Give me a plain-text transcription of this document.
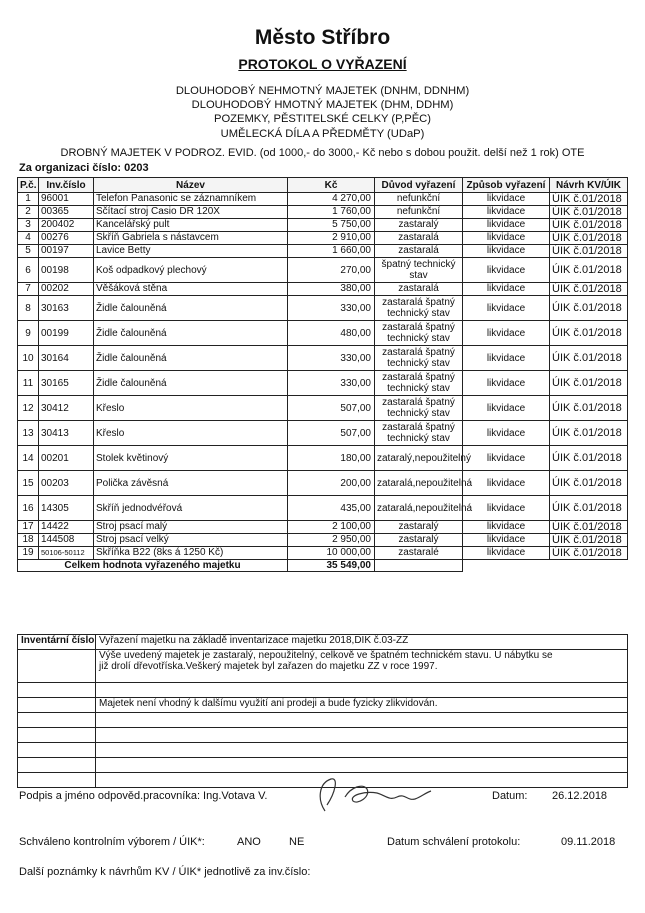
Město Stříbro
PROTOKOL O VYŘAZENÍ
DLOUHODOBÝ NEHMOTNÝ MAJETEK (DNHM, DDNHM)
DLOUHODOBÝ HMOTNÝ MAJETEK (DHM, DDHM)
POZEMKY, PĚSTITELSKÉ CELKY (P,PĚC)
UMĚLECKÁ DÍLA A PŘEDMĚTY (UDaP)
DROBNÝ MAJETEK V PODROZ. EVID. (od 1000,- do 3000,- Kč nebo s dobou použit. delší než 1 rok) OTE
Za organizaci číslo: 0203
P.č.	Inv.číslo	Název	Kč	Důvod vyřazení	Způsob vyřazení	Návrh KV/ÚIK
1	96001	Telefon Panasonic se záznamníkem	4 270,00	nefunkční	likvidace	ÚIK č.01/2018
2	00365	Sčítací stroj Casio DR 120X	1 760,00	nefunkční	likvidace	ÚIK č.01/2018
3	200402	Kancelářský pult	5 750,00	zastaralý	likvidace	ÚIK č.01/2018
4	00276	Skříň Gabriela s nástavcem	2 910,00	zastaralá	likvidace	ÚIK č.01/2018
5	00197	Lavice Betty	1 660,00	zastaralá	likvidace	ÚIK č.01/2018
6	00198	Koš odpadkový plechový	270,00	špatný technický stav	likvidace	ÚIK č.01/2018
7	00202	Věšáková stěna	380,00	zastaralá	likvidace	ÚIK č.01/2018
8	30163	Židle čalouněná	330,00	zastaralá špatný technický stav	likvidace	ÚIK č.01/2018
9	00199	Židle čalouněná	480,00	zastaralá špatný technický stav	likvidace	ÚIK č.01/2018
10	30164	Židle čalouněná	330,00	zastaralá špatný technický stav	likvidace	ÚIK č.01/2018
11	30165	Židle čalouněná	330,00	zastaralá špatný technický stav	likvidace	ÚIK č.01/2018
12	30412	Křeslo	507,00	zastaralá špatný technický stav	likvidace	ÚIK č.01/2018
13	30413	Křeslo	507,00	zastaralá špatný technický stav	likvidace	ÚIK č.01/2018
14	00201	Stolek květinový	180,00	zataralý,nepoužitelný	likvidace	ÚIK č.01/2018
15	00203	Polička závěsná	200,00	zataralá,nepoužitelná	likvidace	ÚIK č.01/2018
16	14305	Skříň jednodvéřová	435,00	zataralá,nepoužitelná	likvidace	ÚIK č.01/2018
17	14422	Stroj psací malý	2 100,00	zastaralý	likvidace	ÚIK č.01/2018
18	144508	Stroj psací velký	2 950,00	zastaralý	likvidace	ÚIK č.01/2018
19	50106-50112	Skříňka B22 (8ks á 1250 Kč)	10 000,00	zastaralé	likvidace	ÚIK č.01/2018
Celkem hodnota vyřazeného majetku			35 549,00			
Inventární číslo	Vyřazení majetku na základě inventarizace majetku 2018,DIK č.03-ZZ

	Výše uvedený majetek je zastaralý, nepoužitelný, celkově ve špatném technickém stavu. U nábytku se
již drolí dřevotříska.Veškerý majetek byl zařazen do majetku ZZ v roce 1997.

	Majetek není vhodný k dalšímu využití ani prodeji a bude fyzicky zlikvidován.

Podpis a jméno odpověd.pracovníka: Ing.Votava V.	Datum: 26.12.2018
Schváleno kontrolním výborem / ÚIK*:	ANO	NE	Datum schválení protokolu:	09.11.2018
Další poznámky k návrhům KV / ÚIK* jednotlivě za inv.číslo:
